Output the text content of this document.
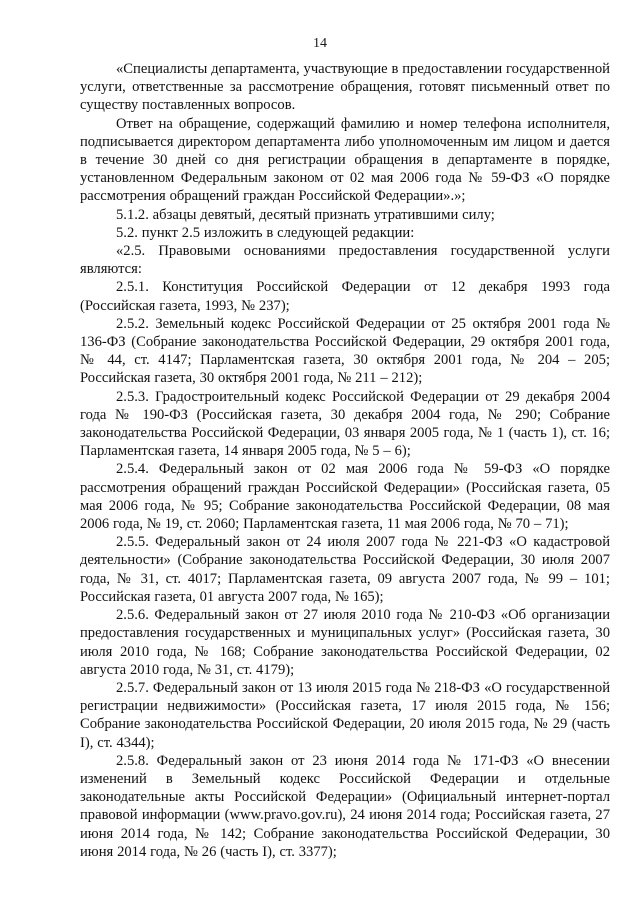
14

«Специалисты департамента, участвующие в предоставлении государственной услуги, ответственные за рассмотрение обращения, готовят письменный ответ по существу поставленных вопросов.

Ответ на обращение, содержащий фамилию и номер телефона исполнителя, подписывается директором департамента либо уполномоченным им лицом и дается в течение 30 дней со дня регистрации обращения в департаменте в порядке, установленном Федеральным законом от 02 мая 2006 года № 59-ФЗ «О порядке рассмотрения обращений граждан Российской Федерации».»;

5.1.2. абзацы девятый, десятый признать утратившими силу;

5.2. пункт 2.5 изложить в следующей редакции:

«2.5. Правовыми основаниями предоставления государственной услуги являются:

2.5.1. Конституция Российской Федерации от 12 декабря 1993 года (Российская газета, 1993, № 237);

2.5.2. Земельный кодекс Российской Федерации от 25 октября 2001 года № 136-ФЗ (Собрание законодательства Российской Федерации, 29 октября 2001 года, № 44, ст. 4147; Парламентская газета, 30 октября 2001 года, № 204 – 205; Российская газета, 30 октября 2001 года, № 211 – 212);

2.5.3. Градостроительный кодекс Российской Федерации от 29 декабря 2004 года № 190-ФЗ (Российская газета, 30 декабря 2004 года, № 290; Собрание законодательства Российской Федерации, 03 января 2005 года, № 1 (часть 1), ст. 16; Парламентская газета, 14 января 2005 года, № 5 – 6);

2.5.4. Федеральный закон от 02 мая 2006 года № 59-ФЗ «О порядке рассмотрения обращений граждан Российской Федерации» (Российская газета, 05 мая 2006 года, № 95; Собрание законодательства Российской Федерации, 08 мая 2006 года, № 19, ст. 2060; Парламентская газета, 11 мая 2006 года, № 70 – 71);

2.5.5. Федеральный закон от 24 июля 2007 года № 221-ФЗ «О кадастровой деятельности» (Собрание законодательства Российской Федерации, 30 июля 2007 года, № 31, ст. 4017; Парламентская газета, 09 августа 2007 года, № 99 – 101; Российская газета, 01 августа 2007 года, № 165);

2.5.6. Федеральный закон от 27 июля 2010 года № 210-ФЗ «Об организации предоставления государственных и муниципальных услуг» (Российская газета, 30 июля 2010 года, № 168; Собрание законодательства Российской Федерации, 02 августа 2010 года, № 31, ст. 4179);

2.5.7. Федеральный закон от 13 июля 2015 года № 218-ФЗ «О государственной регистрации недвижимости» (Российская газета, 17 июля 2015 года, № 156; Собрание законодательства Российской Федерации, 20 июля 2015 года, № 29 (часть I), ст. 4344);

2.5.8. Федеральный закон от 23 июня 2014 года № 171-ФЗ «О внесении изменений в Земельный кодекс Российской Федерации и отдельные законодательные акты Российской Федерации» (Официальный интернет-портал правовой информации (www.pravo.gov.ru), 24 июня 2014 года; Российская газета, 27 июня 2014 года, № 142; Собрание законодательства Российской Федерации, 30 июня 2014 года, № 26 (часть I), ст. 3377);
